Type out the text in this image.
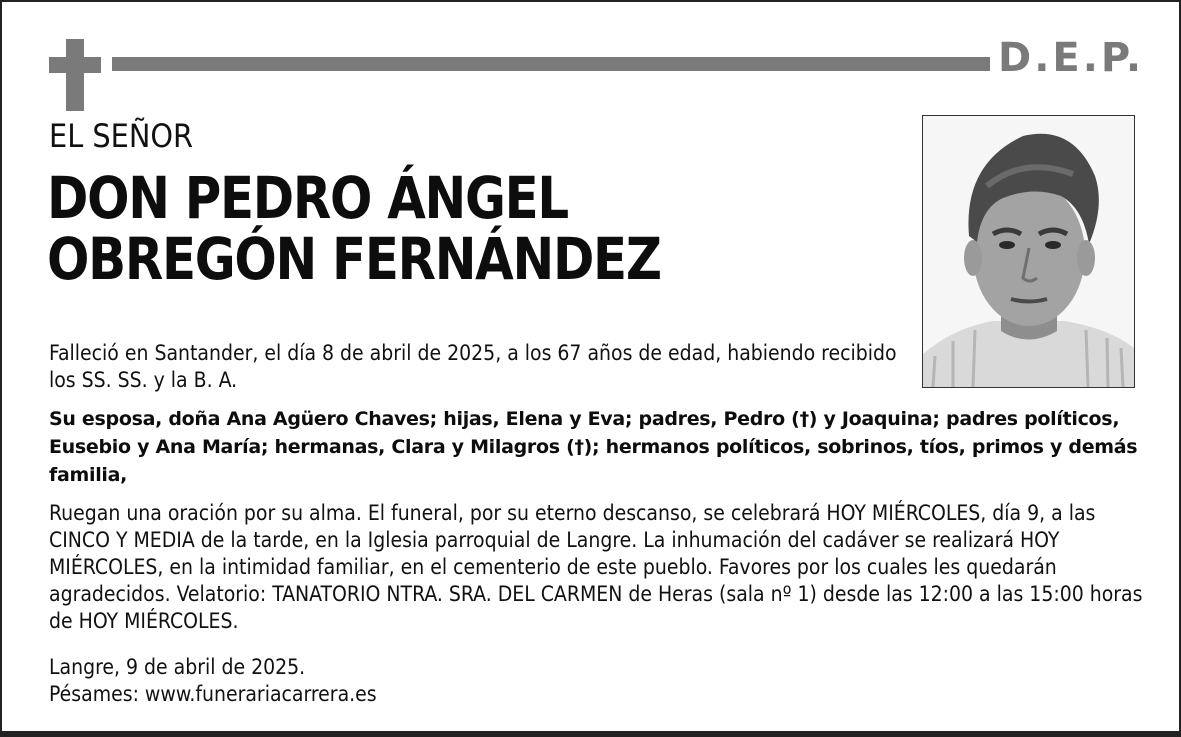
D.E.P.
EL SEÑOR
DON PEDRO ÁNGEL
OBREGÓN FERNÁNDEZ
Falleció en Santander, el día 8 de abril de 2025, a los 67 años de edad, habiendo recibido los SS. SS. y la B. A.
Su esposa, doña Ana Agüero Chaves; hijas, Elena y Eva; padres, Pedro (†) y Joaquina; padres políticos, Eusebio y Ana María; hermanas, Clara y Milagros (†); hermanos políticos, sobrinos, tíos, primos y demás familia,
Ruegan una oración por su alma. El funeral, por su eterno descanso, se celebrará HOY MIÉRCOLES, día 9, a las CINCO Y MEDIA de la tarde, en la Iglesia parroquial de Langre. La inhumación del cadáver se realizará HOY MIÉRCOLES, en la intimidad familiar, en el cementerio de este pueblo. Favores por los cuales les quedarán agradecidos. Velatorio: TANATORIO NTRA. SRA. DEL CARMEN de Heras (sala nº 1) desde las 12:00 a las 15:00 horas de HOY MIÉRCOLES.
Langre, 9 de abril de 2025.
Pésames: www.funerariacarrera.es
